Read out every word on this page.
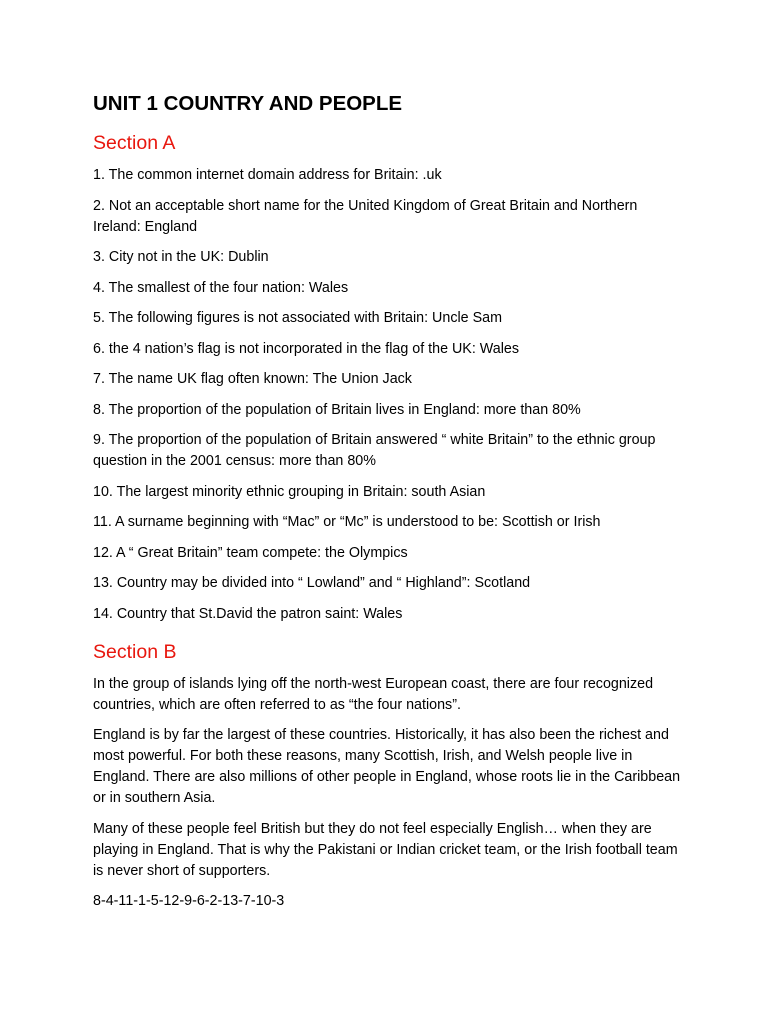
UNIT 1 COUNTRY AND PEOPLE
Section A
1. The common internet domain address for Britain: .uk
2. Not an acceptable short name for the United Kingdom of Great Britain and Northern Ireland: England
3. City not in the UK: Dublin
4. The smallest of the four nation: Wales
5. The following figures is not associated with Britain: Uncle Sam
6. the 4 nation’s flag is not incorporated in the flag of the UK: Wales
7. The name UK flag often known: The Union Jack
8. The proportion of the population of Britain lives in England: more than 80%
9. The proportion of the population of Britain answered “ white Britain” to the ethnic group question in the 2001 census: more than 80%
10. The largest minority ethnic grouping in Britain: south Asian
11. A surname beginning with “Mac” or “Mc” is understood to be: Scottish or Irish
12. A “ Great Britain” team compete: the Olympics
13. Country may be divided into “ Lowland” and “ Highland”: Scotland
14. Country that St.David the patron saint: Wales
Section B

In the group of islands lying off the north-west European coast, there are four recognized countries, which are often referred to as “the four nations”.

England is by far the largest of these countries. Historically, it has also been the richest and most powerful. For both these reasons, many Scottish, Irish, and Welsh people live in England. There are also millions of other people in England, whose roots lie in the Caribbean or in southern Asia.

Many of these people feel British but they do not feel especially English… when they are playing in England. That is why the Pakistani or Indian cricket team, or the Irish football team is never short of supporters.

8-4-11-1-5-12-9-6-2-13-7-10-3
